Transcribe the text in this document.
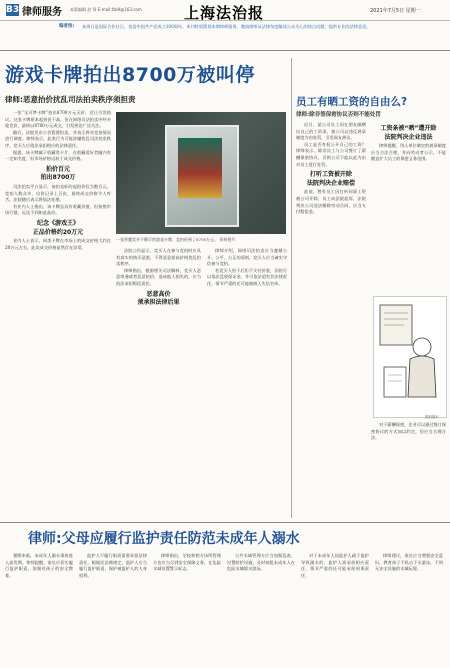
B3 律师服务 本版编辑 赵 锋 E-mail:fzb9@163.com	上海法治报	2021年7月5日 星期一
编者按: 本周日是国际合作社日，也是中国共产党成立100周年。本刊特别策划本期律师服务，邀请律师从法律角度解读公众关心的热点问题，提供专业的法律意见。
游戏卡牌拍出8700万被叫停
律师:恶意抬价扰乱司法拍卖秩序须担责

一张“宝可梦卡牌”拍出8700万元天价，近日引发热议。这张卡牌原本起拍价不高，但在网络司法拍卖中经多轮竞价，最终以8700万元成交，引发舆论广泛关注。

随后，法院发布公告暂缓拍卖，并表示将对竞拍情况进行调查。律师表示，此类行为可能涉嫌扰乱司法拍卖秩序，竞买人应依法承担相应的法律责任。

据悉，该卡牌属于收藏类卡片，在收藏爱好者圈内有一定知名度，但市场价格远低于成交价格。

拍价百元
拍出8700万

司法拍卖平台显示，该拍卖标的起拍价仅为数百元，竞拍人数众多，出价记录上百次，最终成交价格令人咋舌。法院随后表示将依法处理。

有业内人士指出，该卡牌虽具有收藏价值，但按照市场行情，远达不到如此高价。

纪念《游戏王》
正品价格约20万元

业内人士表示，同类卡牌在市场上的成交价格大约在20万元左右，此次成交价格显然存在异常。

一张带题奖并不稀罕的游戏卡牌，竞拍价到了8700万元。 资料图片

法院公告显示，竞买人在参与竞拍时应具有真实的购买意愿，不得恶意抬高价格扰乱拍卖秩序。

律师指出，根据相关司法解释，竞买人恶意串通或者恶意抬价，造成他人损失的，应当依法承担赔偿责任。

恶意高价
须承担法律后果

律师介绍，网络司法拍卖应当遵循公开、公平、公正的原则，竞买人应当诚实守信参与竞拍。

若竞买人拍下后拒不支付价款，法院可以依法没收保证金，并可依法追究其法律责任，情节严重的还可能被纳入失信名单。

员工有晒工资的自由么?
律师:除非签保密协议否则不能处罚

近日，某公司员工因在朋友圈晒出自己的工资条，被公司以违反规章制度为由处罚，引发网友热议。

员工是否有权公开自己的工资？律师表示，除非员工与公司签订了薪酬保密协议，否则公司不能以此为由对员工进行处罚。

打听工资被开除
法院判决企业赔偿

此前，曾有员工因打听同事工资被公司开除，员工向法院起诉，法院判决公司违法解除劳动合同，应当支付赔偿金。

工资条被“晒”遭开除
法院判决企业违法

律师提醒，用人单位制定的规章制度应当合法合理，并向劳动者公示，不能随意扩大员工的保密义务范围。

资料图片

对于薪酬保密，企业可以通过签订保密协议的方式加以约定，但应当合理合法。

律师:父母应履行监护责任防范未成年人溺水

暑期来临，未成年人溺水事故进入高发期。律师提醒，家长应切实履行监护职责，加强对孩子的安全教育。

监护人不履行职责需要承担法律责任。根据民法典规定，监护人应当履行监护职责，保护被监护人的人身权利。

律师指出，学校和相关场所管理方也应当尽到安全保障义务，在危险水域设置警示标志。

公共水域管理方应当加强巡查，设置防护设施，及时劝阻未成年人在危险水域嬉水游泳。

对于未成年人因监护人疏于监护导致溺水的，监护人需承担相应责任，情节严重的还可能承担刑事责任。

律师建议，家长应当增强安全意识，教育孩子不私自下水游泳，不到无安全设施的水域玩耍。
